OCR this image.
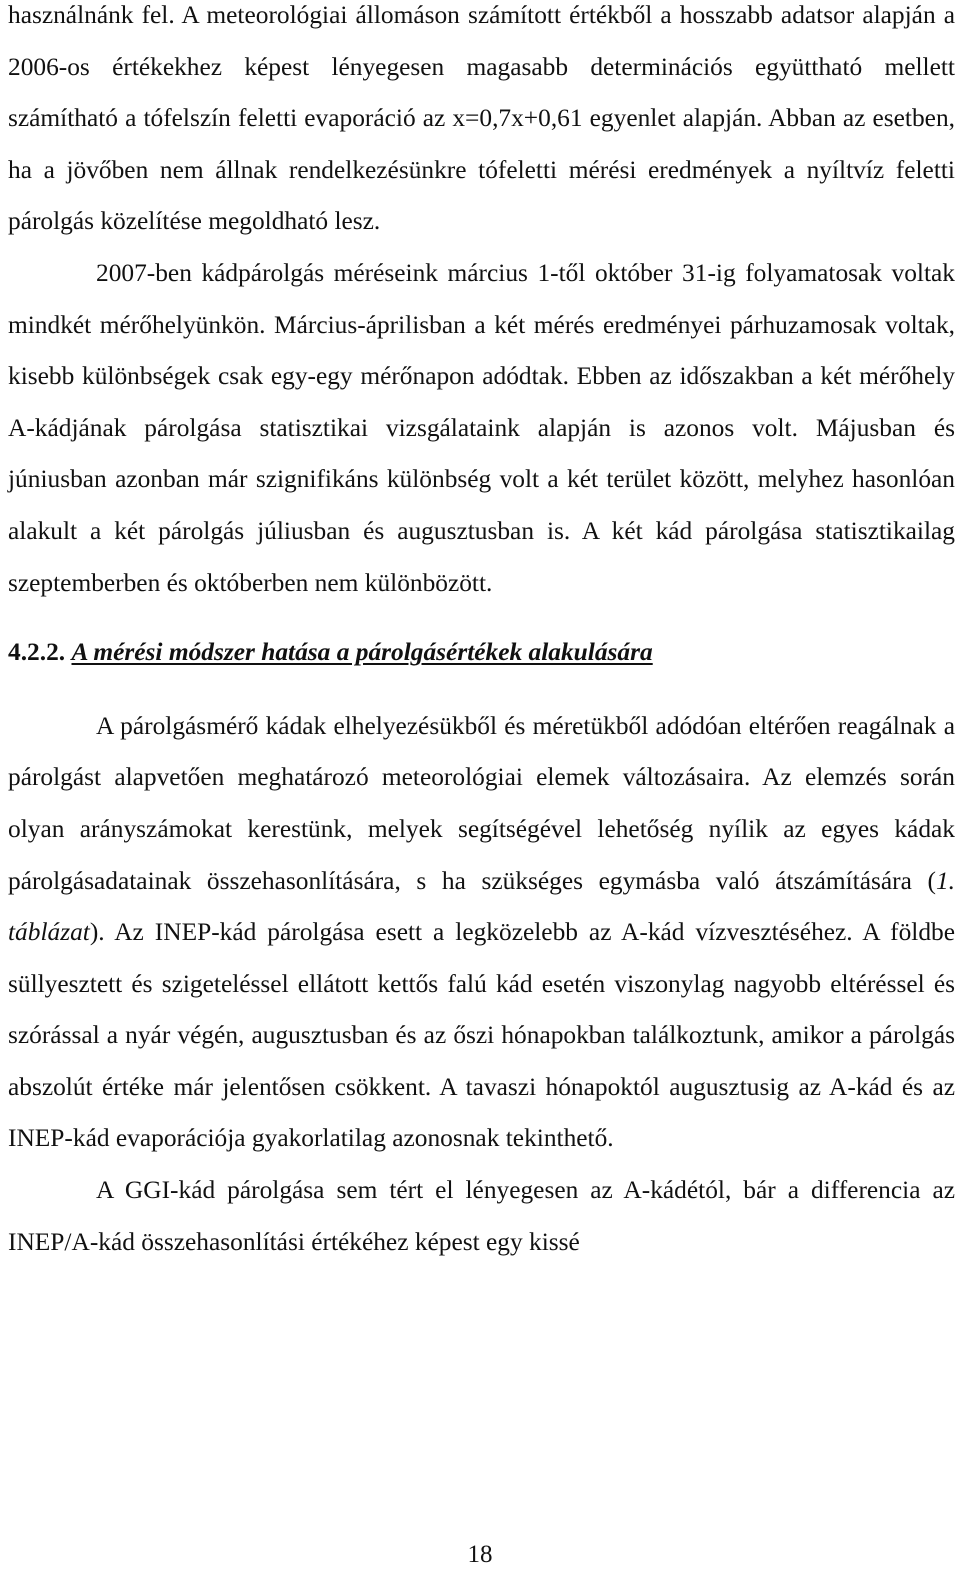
használnánk fel. A meteorológiai állomáson számított értékből a hosszabb adatsor alapján a 2006-os értékekhez képest lényegesen magasabb determinációs együttható mellett számítható a tófelszín feletti evaporáció az x=0,7x+0,61 egyenlet alapján. Abban az esetben, ha a jövőben nem állnak rendelkezésünkre tófeletti mérési eredmények a nyíltvíz feletti párolgás közelítése megoldható lesz.

2007-ben kádpárolgás méréseink március 1-től október 31-ig folyamatosak voltak mindkét mérőhelyünkön. Március-áprilisban a két mérés eredményei párhuzamosak voltak, kisebb különbségek csak egy-egy mérőnapon adódtak. Ebben az időszakban a két mérőhely A-kádjának párolgása statisztikai vizsgálataink alapján is azonos volt. Májusban és júniusban azonban már szignifikáns különbség volt a két terület között, melyhez hasonlóan alakult a két párolgás júliusban és augusztusban is. A két kád párolgása statisztikailag szeptemberben és októberben nem különbözött.

4.2.2. A mérési módszer hatása a párolgásértékek alakulására

A párolgásmérő kádak elhelyezésükből és méretükből adódóan eltérően reagálnak a párolgást alapvetően meghatározó meteorológiai elemek változásaira. Az elemzés során olyan arányszámokat kerestünk, melyek segítségével lehetőség nyílik az egyes kádak párolgásadatainak összehasonlítására, s ha szükséges egymásba való átszámítására (1. táblázat). Az INEP-kád párolgása esett a legközelebb az A-kád vízvesztéséhez. A földbe süllyesztett és szigeteléssel ellátott kettős falú kád esetén viszonylag nagyobb eltéréssel és szórással a nyár végén, augusztusban és az őszi hónapokban találkoztunk, amikor a párolgás abszolút értéke már jelentősen csökkent. A tavaszi hónapoktól augusztusig az A-kád és az INEP-kád evaporációja gyakorlatilag azonosnak tekinthető.

A GGI-kád párolgása sem tért el lényegesen az A-kádétól, bár a differencia az INEP/A-kád összehasonlítási értékéhez képest egy kissé

18
